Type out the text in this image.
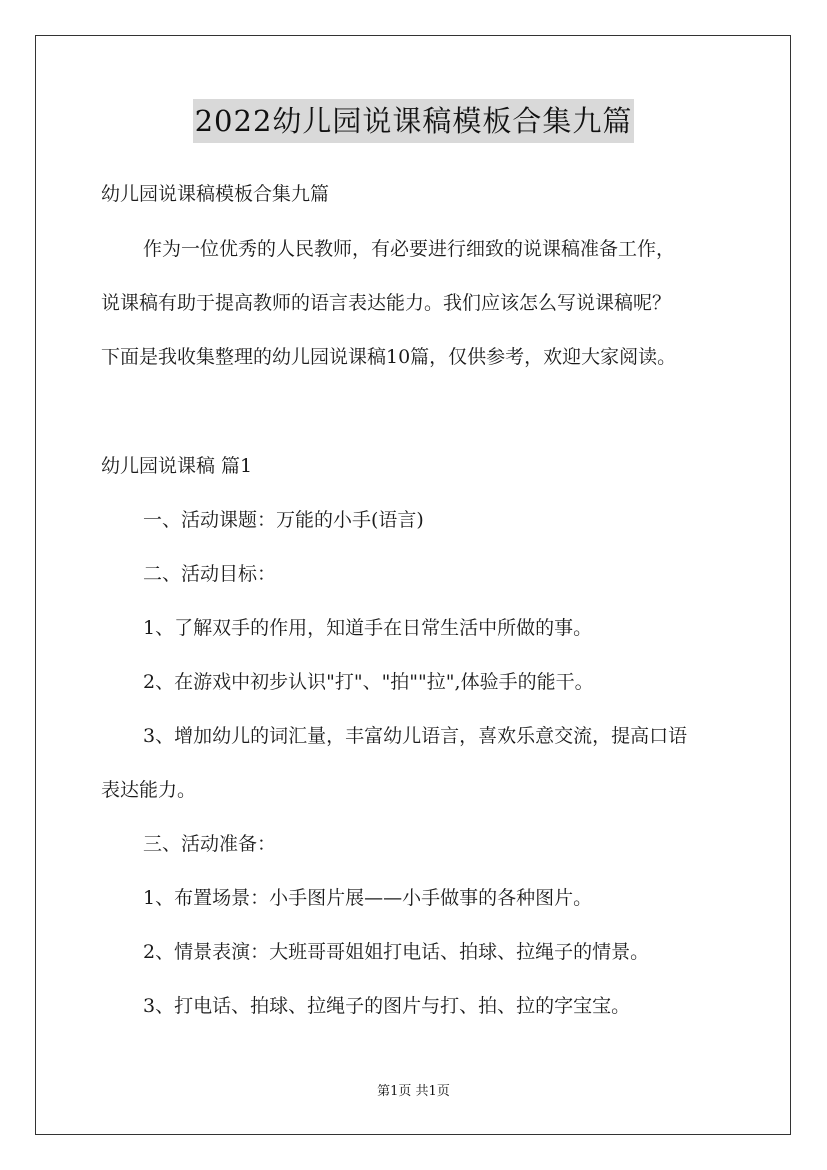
2022幼儿园说课稿模板合集九篇
幼儿园说课稿模板合集九篇
作为一位优秀的人民教师，有必要进行细致的说课稿准备工作，
说课稿有助于提高教师的语言表达能力。我们应该怎么写说课稿呢？
下面是我收集整理的幼儿园说课稿10篇，仅供参考，欢迎大家阅读。
幼儿园说课稿 篇1
一、活动课题：万能的小手(语言)
二、活动目标：
1、了解双手的作用，知道手在日常生活中所做的事。
2、在游戏中初步认识"打"、"拍""拉",体验手的能干。
3、增加幼儿的词汇量，丰富幼儿语言，喜欢乐意交流，提高口语
表达能力。
三、活动准备：
1、布置场景：小手图片展——小手做事的各种图片。
2、情景表演：大班哥哥姐姐打电话、拍球、拉绳子的情景。
3、打电话、拍球、拉绳子的图片与打、拍、拉的字宝宝。
第1页 共1页
